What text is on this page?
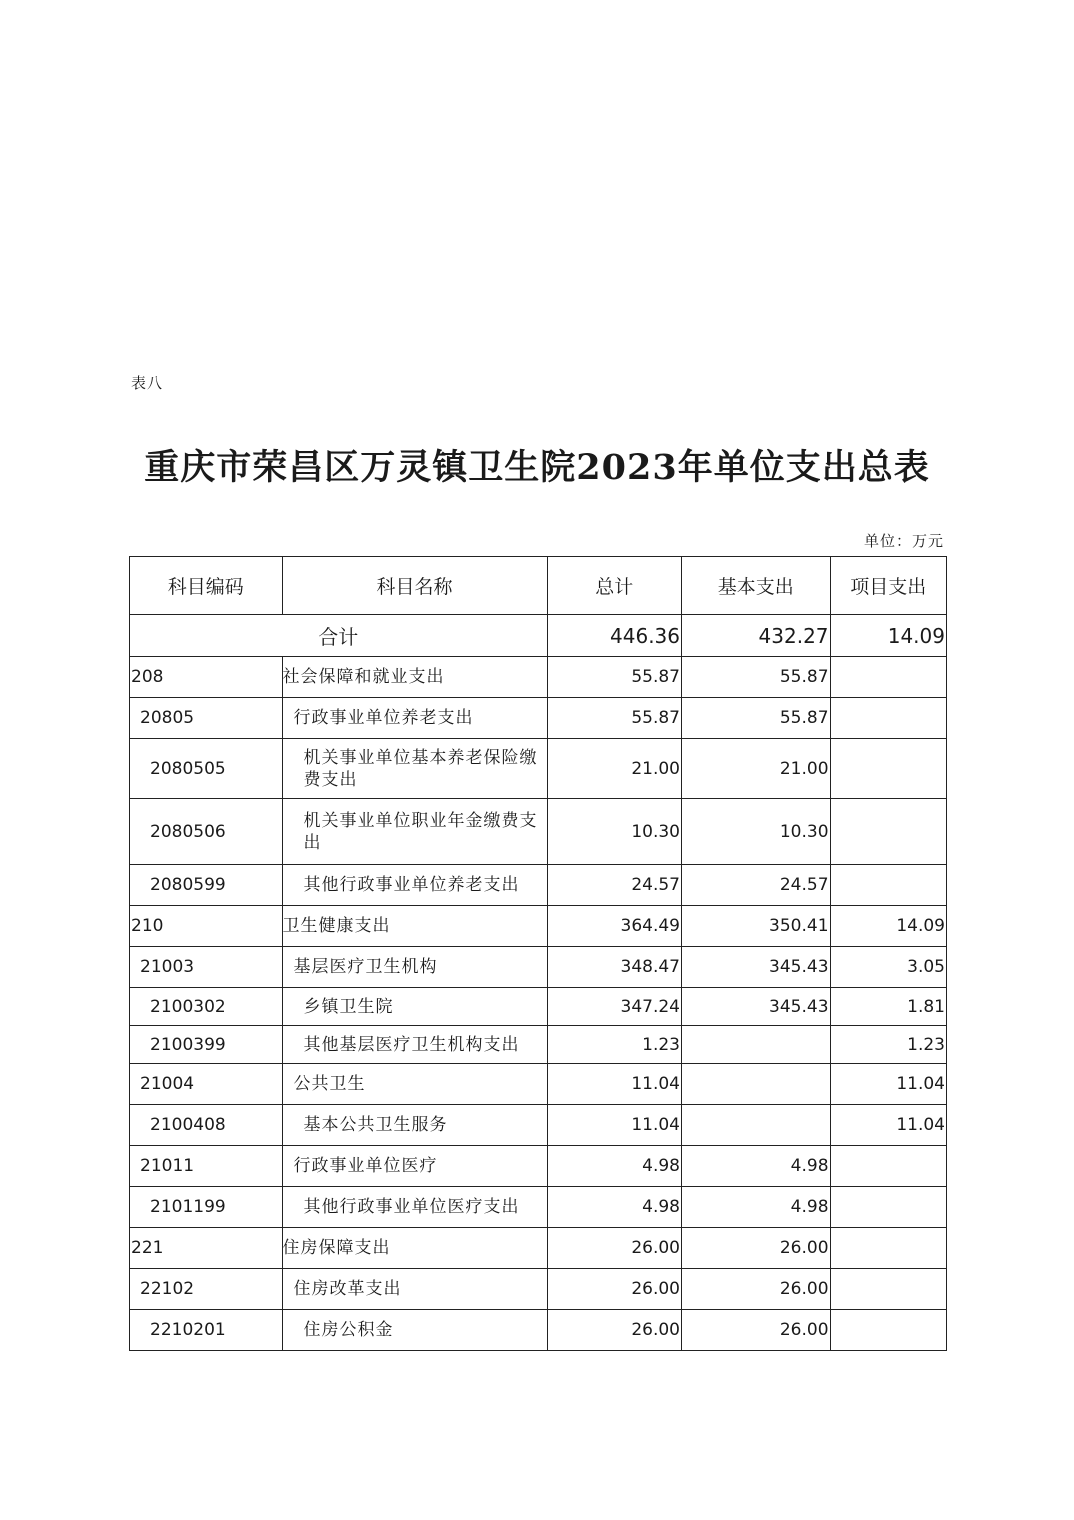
表八
重庆市荣昌区万灵镇卫生院2023年单位支出总表
单位：万元
科目编码	科目名称	总计	基本支出	项目支出
合计		446.36	432.27	14.09
208	社会保障和就业支出	55.87	55.87	
20805	行政事业单位养老支出	55.87	55.87	
2080505	机关事业单位基本养老保险缴费支出	21.00	21.00	
2080506	机关事业单位职业年金缴费支出	10.30	10.30	
2080599	其他行政事业单位养老支出	24.57	24.57	
210	卫生健康支出	364.49	350.41	14.09
21003	基层医疗卫生机构	348.47	345.43	3.05
2100302	乡镇卫生院	347.24	345.43	1.81
2100399	其他基层医疗卫生机构支出	1.23		1.23
21004	公共卫生	11.04		11.04
2100408	基本公共卫生服务	11.04		11.04
21011	行政事业单位医疗	4.98	4.98	
2101199	其他行政事业单位医疗支出	4.98	4.98	
221	住房保障支出	26.00	26.00	
22102	住房改革支出	26.00	26.00	
2210201	住房公积金	26.00	26.00	
